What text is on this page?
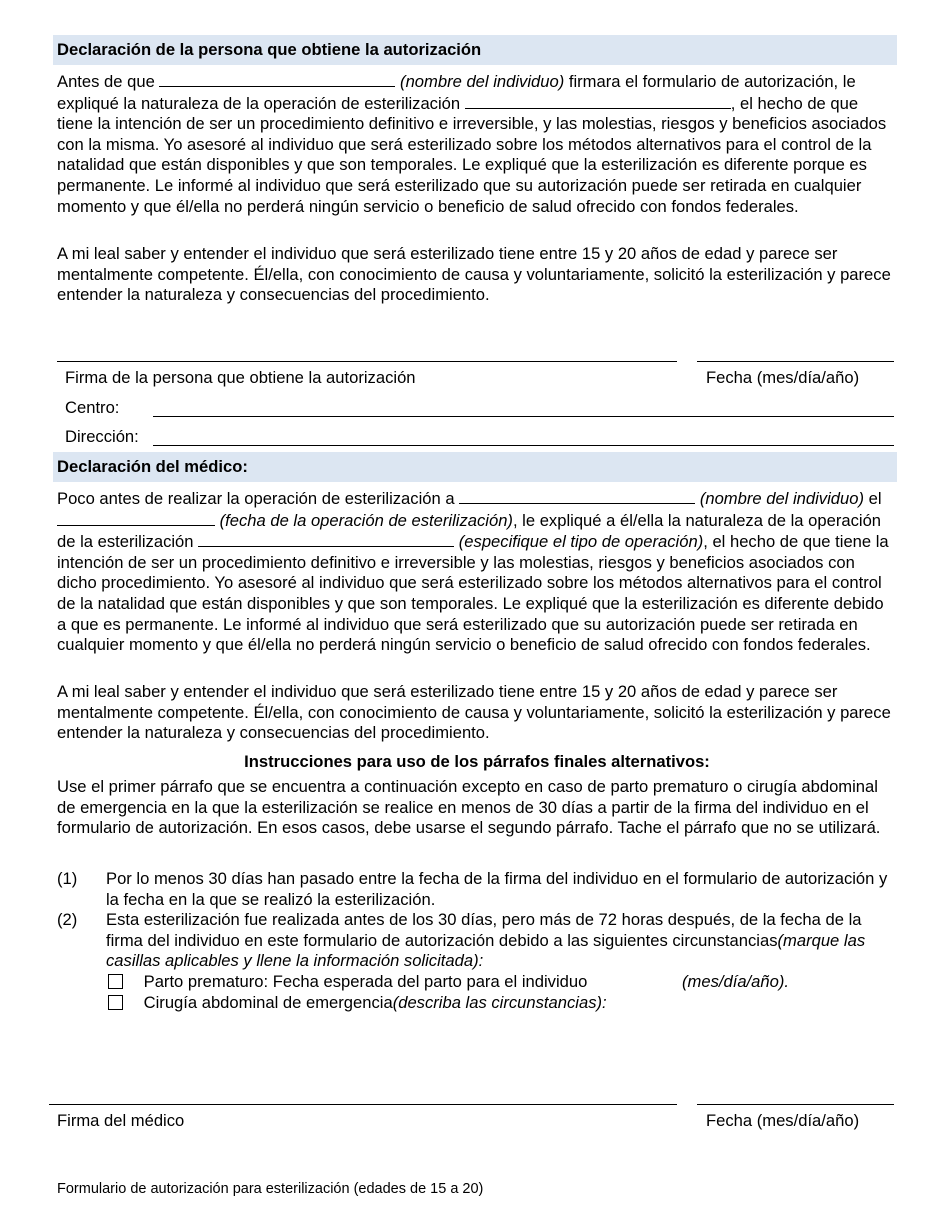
Declaración de la persona que obtiene la autorización

Antes de que	(nombre del individuo) firmara el formulario de autorización, le expliqué la naturaleza de la operación de esterilización	, el hecho de que tiene la intención de ser un procedimiento definitivo e irreversible, y las molestias, riesgos y beneficios asociados con la misma. Yo asesoré al individuo que será esterilizado sobre los métodos alternativos para el control de la natalidad que están disponibles y que son temporales. Le expliqué que la esterilización es diferente porque es permanente. Le informé al individuo que será esterilizado que su autorización puede ser retirada en cualquier momento y que él/ella no perderá ningún servicio o beneficio de salud ofrecido con fondos federales.

A mi leal saber y entender el individuo que será esterilizado tiene entre 15 y 20 años de edad y parece ser mentalmente competente. Él/ella, con conocimiento de causa y voluntariamente, solicitó la esterilización y parece entender la naturaleza y consecuencias del procedimiento.

Firma de la persona que obtiene la autorización	Fecha (mes/día/año)
Centro:
Dirección:
Declaración del médico:

Poco antes de realizar la operación de esterilización a	(nombre del individuo) el  (fecha de la operación de esterilización), le expliqué a él/ella la naturaleza de la operación de la esterilización	(especifique el tipo de operación), el hecho de que tiene la intención de ser un procedimiento definitivo e irreversible y las molestias, riesgos y beneficios asociados con dicho procedimiento. Yo asesoré al individuo que será esterilizado sobre los métodos alternativos para el control de la natalidad que están disponibles y que son temporales. Le expliqué que la esterilización es diferente debido a que es permanente. Le informé al individuo que será esterilizado que su autorización puede ser retirada en cualquier momento y que él/ella no perderá ningún servicio o beneficio de salud ofrecido con fondos federales.

A mi leal saber y entender el individuo que será esterilizado tiene entre 15 y 20 años de edad y parece ser mentalmente competente. Él/ella, con conocimiento de causa y voluntariamente, solicitó la esterilización y parece entender la naturaleza y consecuencias del procedimiento.

Instrucciones para uso de los párrafos finales alternativos:

Use el primer párrafo que se encuentra a continuación excepto en caso de parto prematuro o cirugía abdominal de emergencia en la que la esterilización se realice en menos de 30 días a partir de la firma del individuo en el formulario de autorización. En esos casos, debe usarse el segundo párrafo. Tache el párrafo que no se utilizará.

(1) Por lo menos 30 días han pasado entre la fecha de la firma del individuo en el formulario de autorización y la fecha en la que se realizó la esterilización.
(2) Esta esterilización fue realizada antes de los 30 días, pero más de 72 horas después, de la fecha de la firma del individuo en este formulario de autorización debido a las siguientes circunstancias(marque las casillas aplicables y llene la información solicitada):
Parto prematuro: Fecha esperada del parto para el individuo	(mes/día/año).
Cirugía abdominal de emergencia(describa las circunstancias):
Firma del médico	Fecha (mes/día/año)
Formulario de autorización para esterilización (edades de 15 a 20)
